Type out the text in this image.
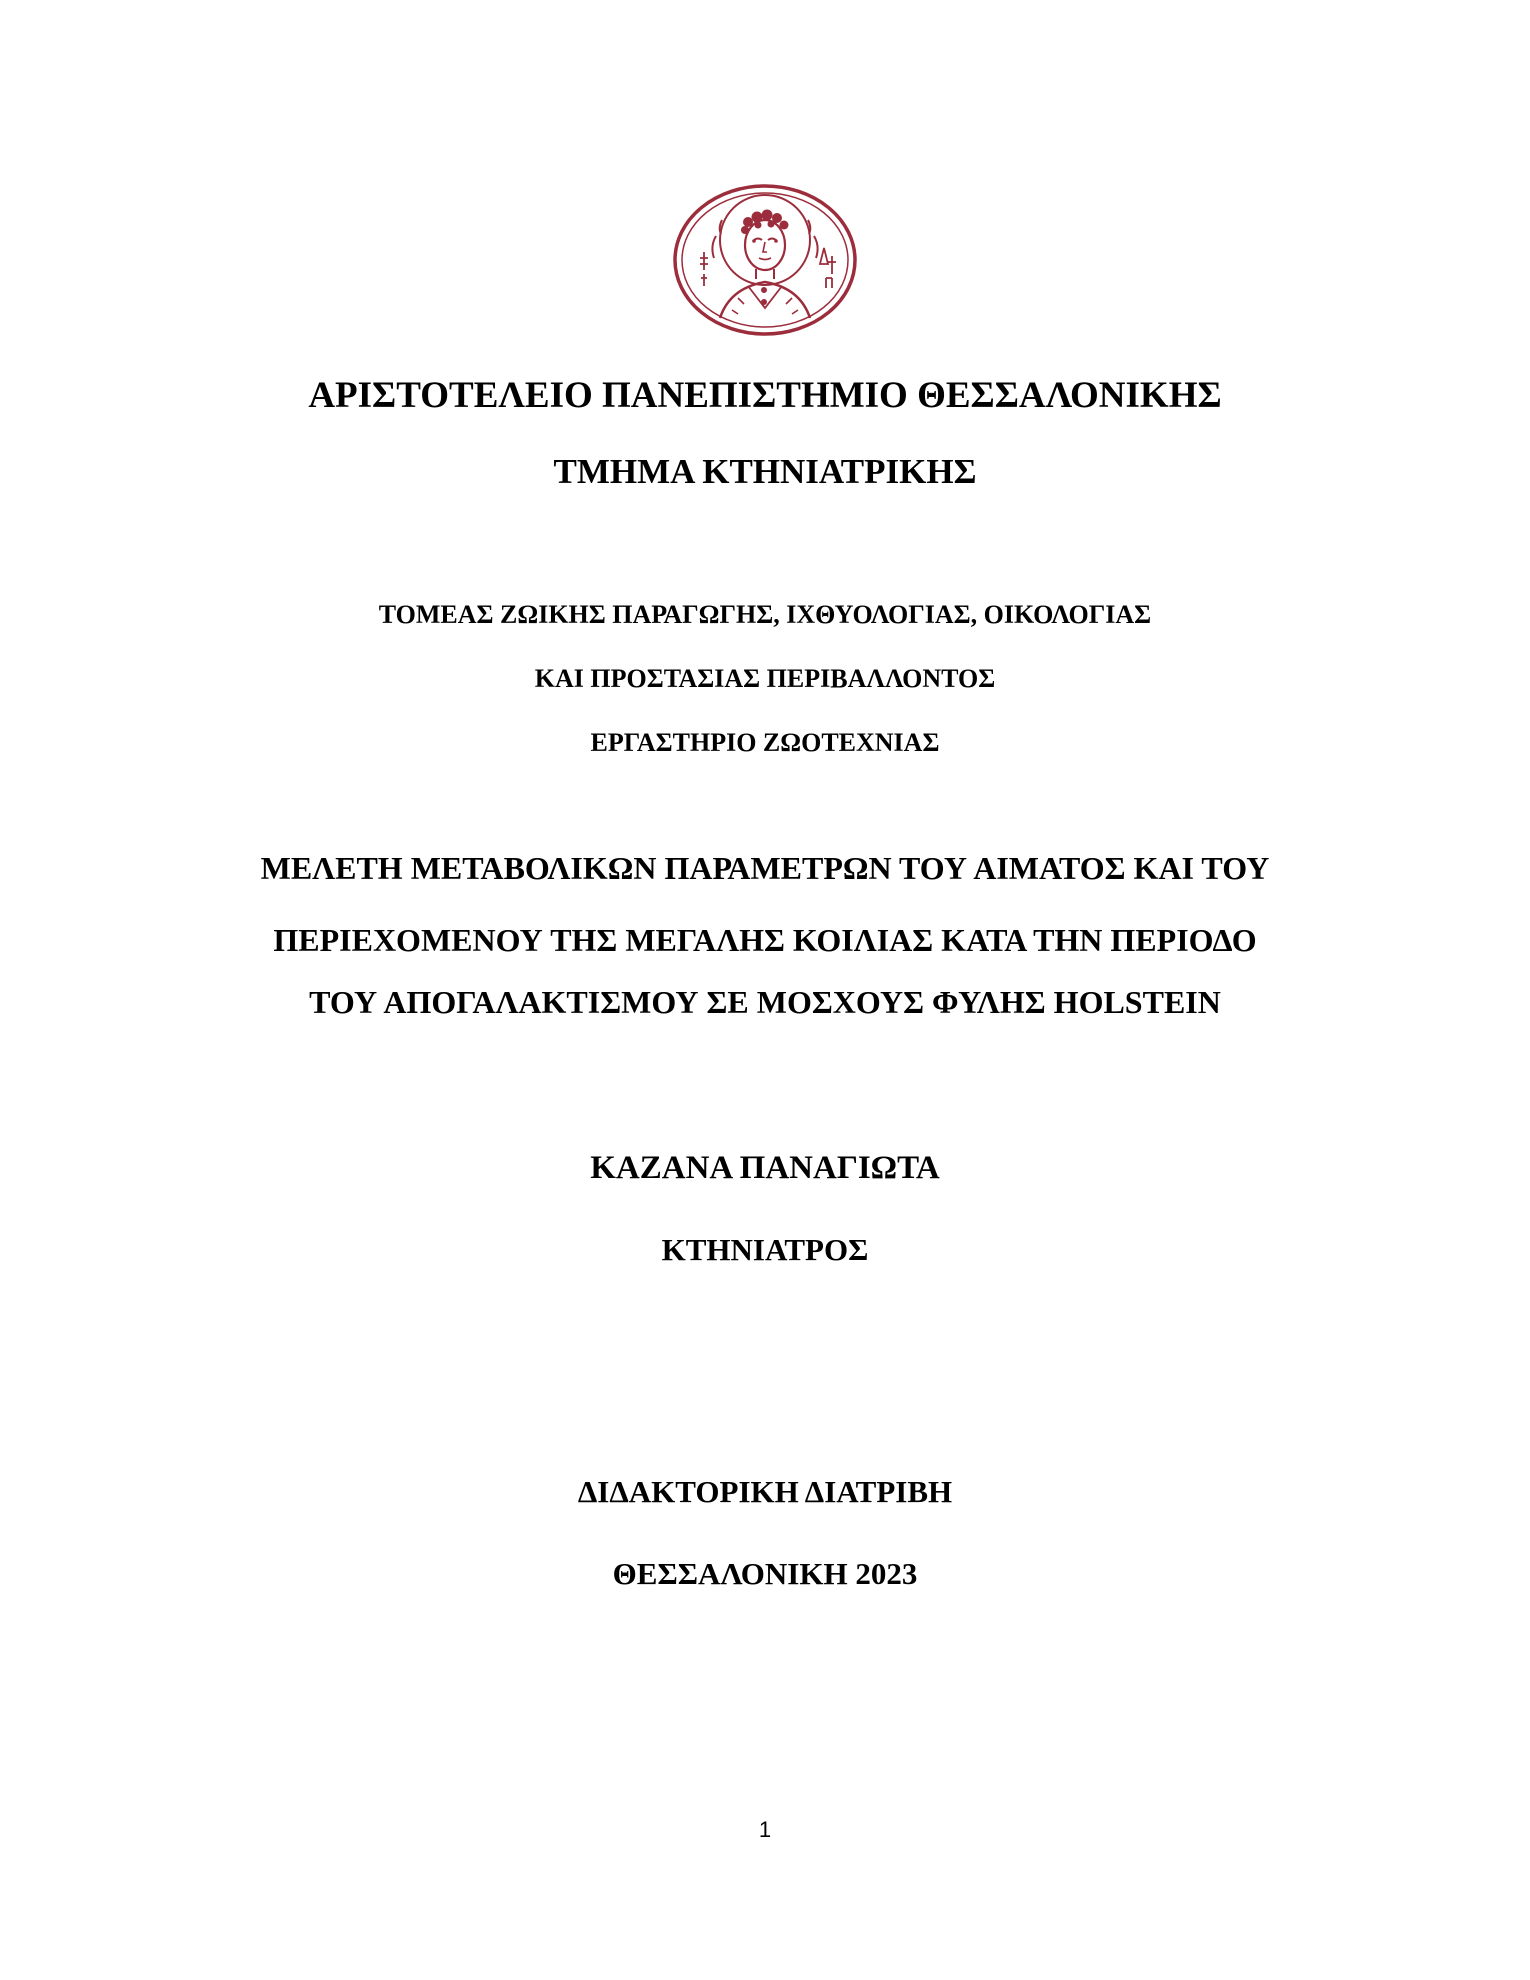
ΑΡΙΣΤΟΤΕΛΕΙΟ ΠΑΝΕΠΙΣΤΗΜΙΟ ΘΕΣΣΑΛΟΝΙΚΗΣ
ΤΜΗΜΑ ΚΤΗΝΙΑΤΡΙΚΗΣ
ΤΟΜΕΑΣ ΖΩΙΚΗΣ ΠΑΡΑΓΩΓΗΣ, ΙΧΘΥΟΛΟΓΙΑΣ, ΟΙΚΟΛΟΓΙΑΣ
ΚΑΙ ΠΡΟΣΤΑΣΙΑΣ ΠΕΡΙΒΑΛΛΟΝΤΟΣ
ΕΡΓΑΣΤΗΡΙΟ ΖΩΟΤΕΧΝΙΑΣ
ΜΕΛΕΤΗ ΜΕΤΑΒΟΛΙΚΩΝ ΠΑΡΑΜΕΤΡΩΝ ΤΟΥ ΑΙΜΑΤΟΣ ΚΑΙ ΤΟΥ
ΠΕΡΙΕΧΟΜΕΝΟΥ ΤΗΣ ΜΕΓΑΛΗΣ ΚΟΙΛΙΑΣ ΚΑΤΑ ΤΗΝ ΠΕΡΙΟΔΟ
ΤΟΥ ΑΠΟΓΑΛΑΚΤΙΣΜΟΥ ΣΕ ΜΟΣΧΟΥΣ ΦΥΛΗΣ HOLSTEIN
ΚΑΖΑΝΑ ΠΑΝΑΓΙΩΤΑ
ΚΤΗΝΙΑΤΡΟΣ
ΔΙΔΑΚΤΟΡΙΚΗ ΔΙΑΤΡΙΒΗ
ΘΕΣΣΑΛΟΝΙΚΗ 2023
1
